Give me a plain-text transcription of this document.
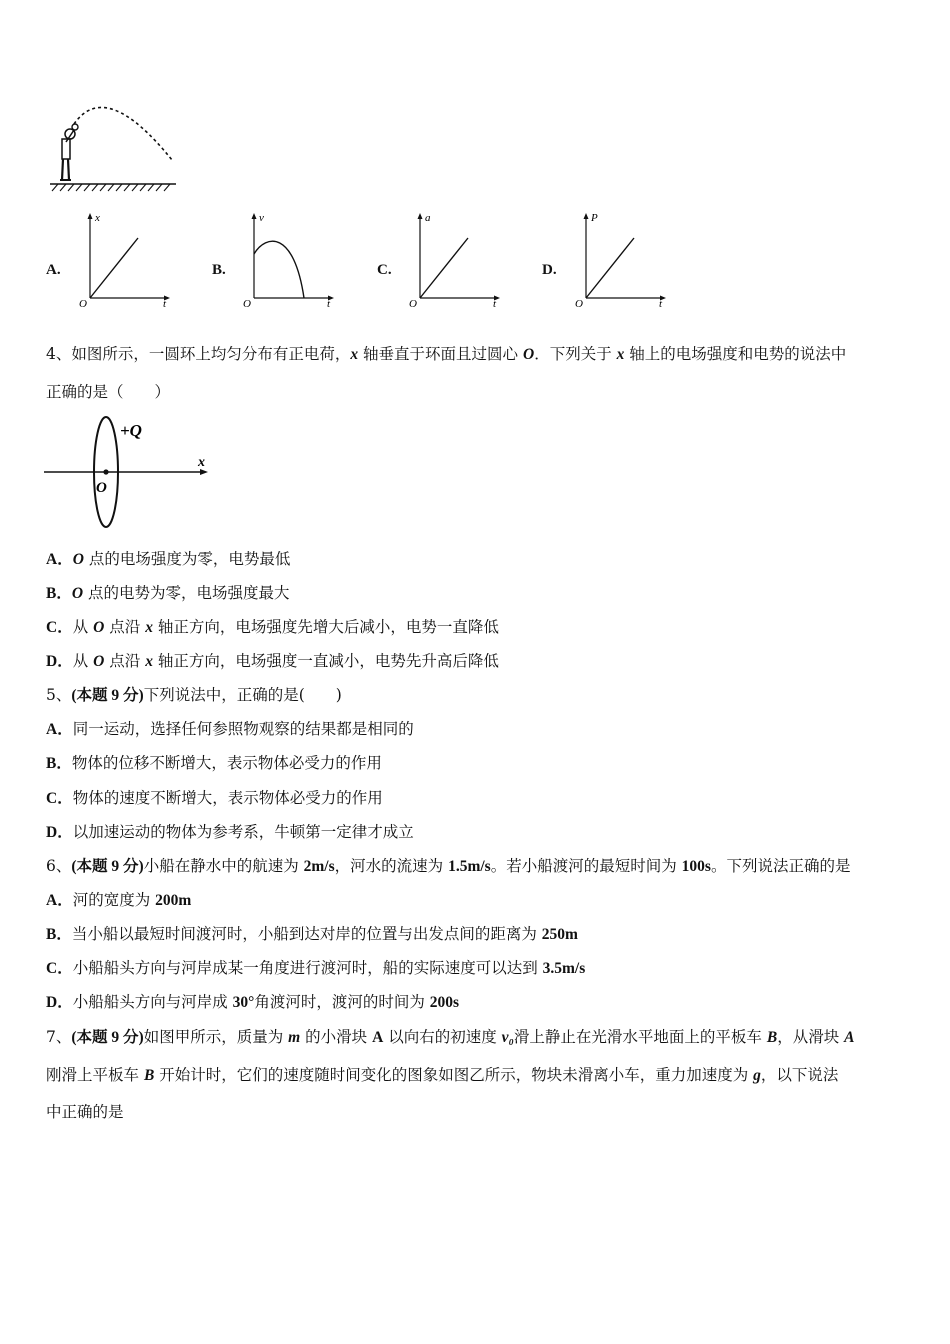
A.
x
t
O
B.
v
t
O
C.
a
t
O
D.
P
t
O
4、如图所示，一圆环上均匀分布有正电荷，x 轴垂直于环面且过圆心 O．下列关于 x 轴上的电场强度和电势的说法中
正确的是（　　）
+Q
x
O
A．O 点的电场强度为零，电势最低
B．O 点的电势为零，电场强度最大
C．从 O 点沿 x 轴正方向，电场强度先增大后减小，电势一直降低
D．从 O 点沿 x 轴正方向，电场强度一直减小，电势先升高后降低
5、(本题 9 分)下列说法中，正确的是(　　)
A．同一运动，选择任何参照物观察的结果都是相同的
B．物体的位移不断增大，表示物体必受力的作用
C．物体的速度不断增大，表示物体必受力的作用
D．以加速运动的物体为参考系，牛顿第一定律才成立
6、(本题 9 分)小船在静水中的航速为 2m/s，河水的流速为 1.5m/s。若小船渡河的最短时间为 100s。下列说法正确的是
A．河的宽度为 200m
B．当小船以最短时间渡河时，小船到达对岸的位置与出发点间的距离为 250m
C．小船船头方向与河岸成某一角度进行渡河时，船的实际速度可以达到 3.5m/s
D．小船船头方向与河岸成 30°角渡河时，渡河的时间为 200s
7、(本题 9 分)如图甲所示，质量为 m 的小滑块 A 以向右的初速度 v₀滑上静止在光滑水平地面上的平板车 B，从滑块 A
刚滑上平板车 B 开始计时，它们的速度随时间变化的图象如图乙所示，物块未滑离小车，重力加速度为 g，以下说法
中正确的是
